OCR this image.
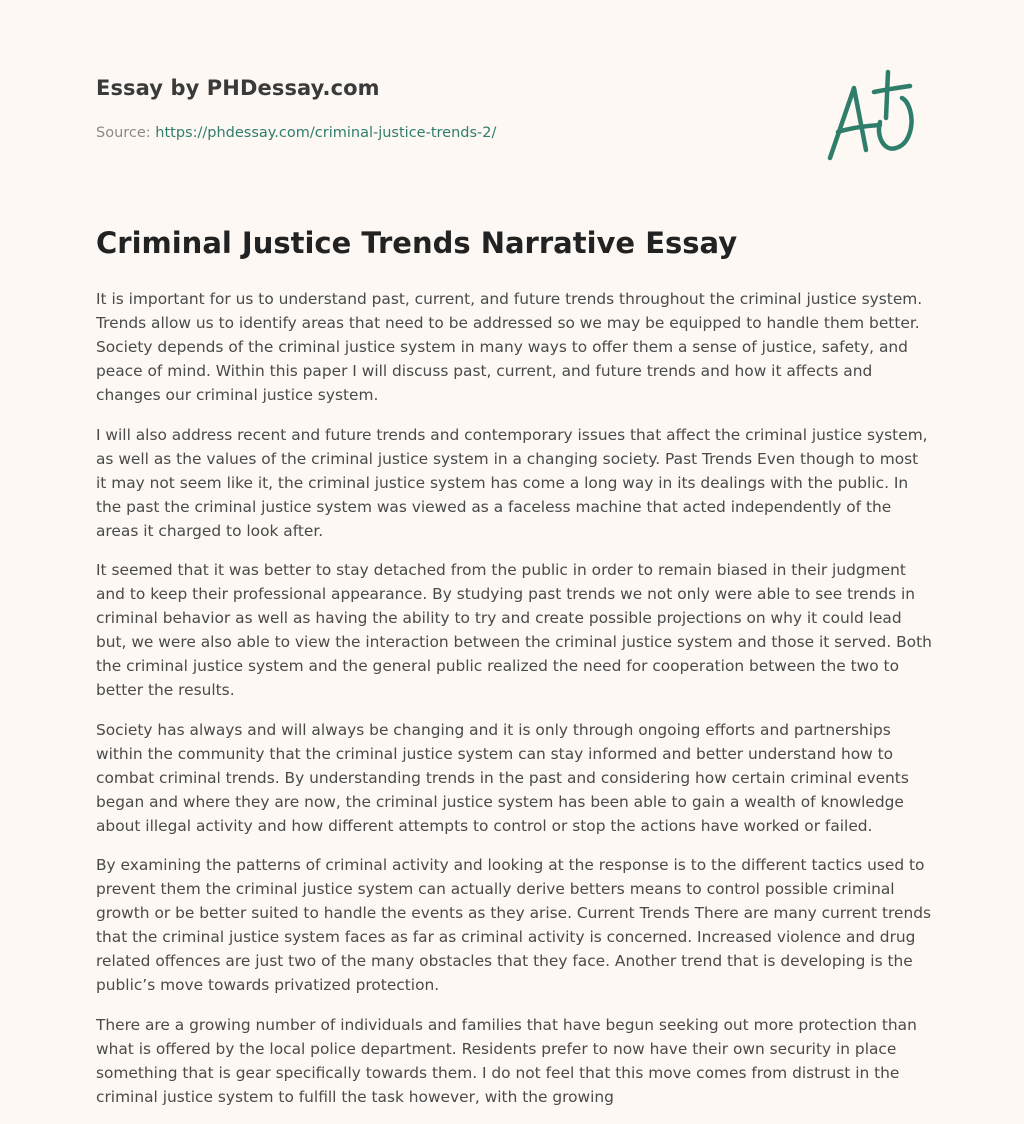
Essay by PHDessay.com
Source: https://phdessay.com/criminal-justice-trends-2/
Criminal Justice Trends Narrative Essay

It is important for us to understand past, current, and future trends throughout the criminal justice system. Trends allow us to identify areas that need to be addressed so we may be equipped to handle them better. Society depends of the criminal justice system in many ways to offer them a sense of justice, safety, and peace of mind. Within this paper I will discuss past, current, and future trends and how it affects and changes our criminal justice system.

I will also address recent and future trends and contemporary issues that affect the criminal justice system, as well as the values of the criminal justice system in a changing society. Past Trends Even though to most it may not seem like it, the criminal justice system has come a long way in its dealings with the public. In the past the criminal justice system was viewed as a faceless machine that acted independently of the areas it charged to look after.

It seemed that it was better to stay detached from the public in order to remain biased in their judgment and to keep their professional appearance. By studying past trends we not only were able to see trends in criminal behavior as well as having the ability to try and create possible projections on why it could lead but, we were also able to view the interaction between the criminal justice system and those it served. Both the criminal justice system and the general public realized the need for cooperation between the two to better the results.

Society has always and will always be changing and it is only through ongoing efforts and partnerships within the community that the criminal justice system can stay informed and better understand how to combat criminal trends. By understanding trends in the past and considering how certain criminal events began and where they are now, the criminal justice system has been able to gain a wealth of knowledge about illegal activity and how different attempts to control or stop the actions have worked or failed.

By examining the patterns of criminal activity and looking at the response is to the different tactics used to prevent them the criminal justice system can actually derive betters means to control possible criminal growth or be better suited to handle the events as they arise. Current Trends There are many current trends that the criminal justice system faces as far as criminal activity is concerned. Increased violence and drug related offences are just two of the many obstacles that they face. Another trend that is developing is the public’s move towards privatized protection.

There are a growing number of individuals and families that have begun seeking out more protection than what is offered by the local police department. Residents prefer to now have their own security in place something that is gear specifically towards them. I do not feel that this move comes from distrust in the criminal justice system to fulfill the task however, with the growing
